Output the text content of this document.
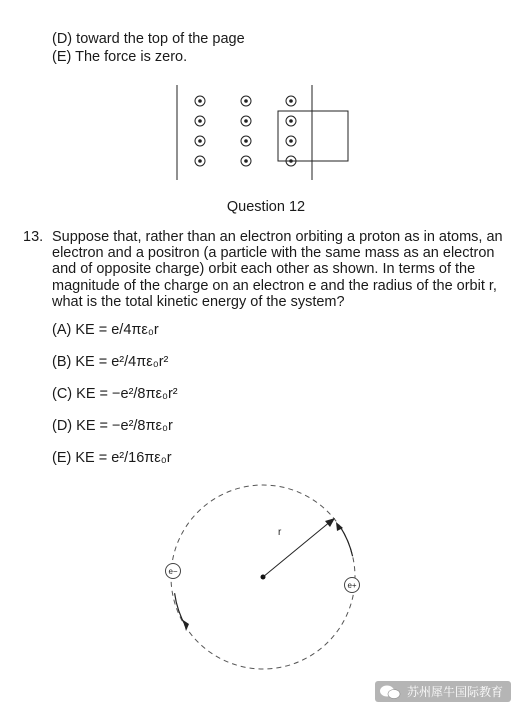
(D) toward the top of the page
(E) The force is zero.
Question 12
13. Suppose that, rather than an electron orbiting a proton as in atoms, an electron and a positron (a particle with the same mass as an electron and of opposite charge) orbit each other as shown. In terms of the magnitude of the charge on an electron e and the radius of the orbit r, what is the total kinetic energy of the system?
(A) KE = e/4πε₀r
(B) KE = e²/4πε₀r²
(C) KE = −e²/8πε₀r²
(D) KE = −e²/8πε₀r
(E) KE = e²/16πε₀r
r
e−
e+
苏州犀牛国际教育
